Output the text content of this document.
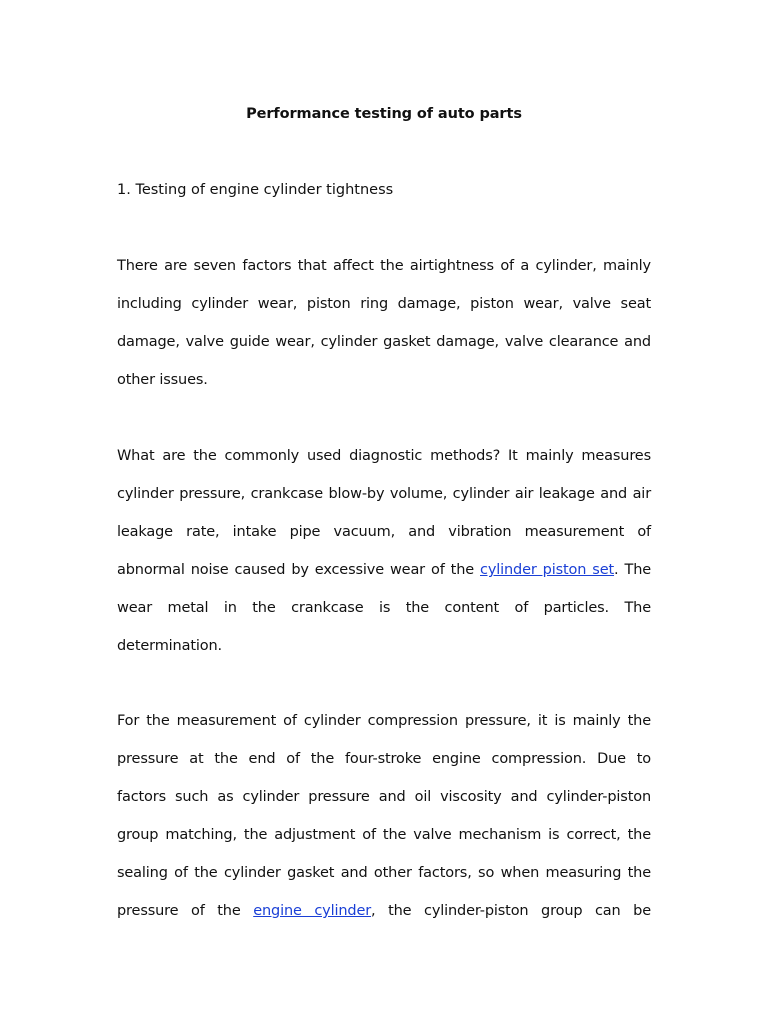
Performance testing of auto parts
1. Testing of engine cylinder tightness
There are seven factors that affect the airtightness of a cylinder, mainly
including cylinder wear, piston ring damage, piston wear, valve seat
damage, valve guide wear, cylinder gasket damage, valve clearance and
other issues.
What are the commonly used diagnostic methods? It mainly measures
cylinder pressure, crankcase blow-by volume, cylinder air leakage and air
leakage rate, intake pipe vacuum, and vibration measurement of
abnormal noise caused by excessive wear of the cylinder piston set. The
wear metal in the crankcase is the content of particles. The
determination.
For the measurement of cylinder compression pressure, it is mainly the
pressure at the end of the four-stroke engine compression. Due to
factors such as cylinder pressure and oil viscosity and cylinder-piston
group matching, the adjustment of the valve mechanism is correct, the
sealing of the cylinder gasket and other factors, so when measuring the
pressure of the engine cylinder, the cylinder-piston group can be
